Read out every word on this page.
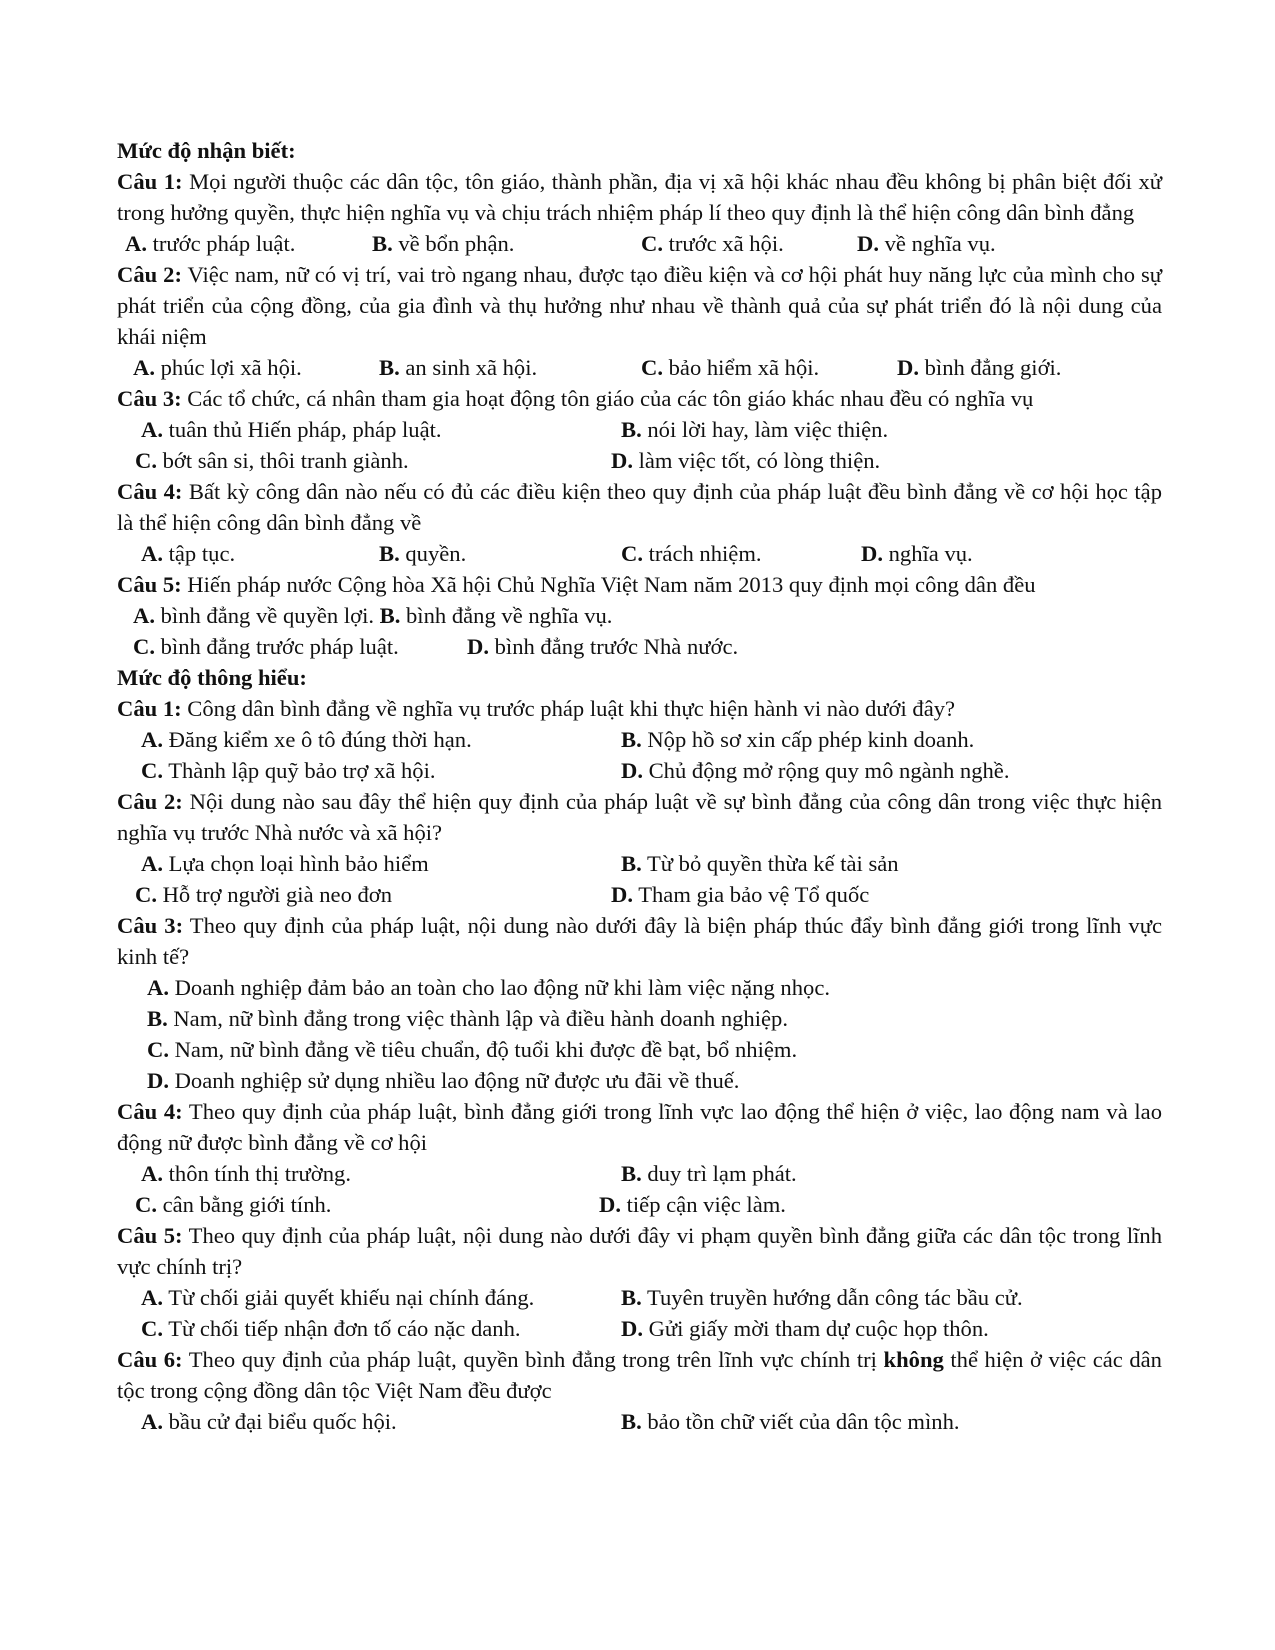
Mức độ nhận biết:
Câu 1: Mọi người thuộc các dân tộc, tôn giáo, thành phần, địa vị xã hội khác nhau đều không bị phân biệt đối xử trong hưởng quyền, thực hiện nghĩa vụ và chịu trách nhiệm pháp lí theo quy định là thể hiện công dân bình đẳng
A. trước pháp luật.	B. về bổn phận.	C. trước xã hội.	D. về nghĩa vụ.
Câu 2: Việc nam, nữ có vị trí, vai trò ngang nhau, được tạo điều kiện và cơ hội phát huy năng lực của mình cho sự phát triển của cộng đồng, của gia đình và thụ hưởng như nhau về thành quả của sự phát triển đó là nội dung của khái niệm
A. phúc lợi xã hội.	B. an sinh xã hội.	C. bảo hiểm xã hội.	D. bình đẳng giới.
Câu 3: Các tổ chức, cá nhân tham gia hoạt động tôn giáo của các tôn giáo khác nhau đều có nghĩa vụ
A. tuân thủ Hiến pháp, pháp luật.	B. nói lời hay, làm việc thiện.
C. bớt sân si, thôi tranh giành.	D. làm việc tốt, có lòng thiện.
Câu 4: Bất kỳ công dân nào nếu có đủ các điều kiện theo quy định của pháp luật đều bình đẳng về cơ hội học tập là thể hiện công dân bình đẳng về
A. tập tục.	B. quyền.	C. trách nhiệm.	D. nghĩa vụ.
Câu 5: Hiến pháp nước Cộng hòa Xã hội Chủ Nghĩa Việt Nam năm 2013 quy định mọi công dân đều
A. bình đẳng về quyền lợi. B. bình đẳng về nghĩa vụ.
C. bình đẳng trước pháp luật.	D. bình đẳng trước Nhà nước.
Mức độ thông hiểu:
Câu 1: Công dân bình đẳng về nghĩa vụ trước pháp luật khi thực hiện hành vi nào dưới đây?
A. Đăng kiểm xe ô tô đúng thời hạn.	B. Nộp hồ sơ xin cấp phép kinh doanh.
C. Thành lập quỹ bảo trợ xã hội.	D. Chủ động mở rộng quy mô ngành nghề.
Câu 2: Nội dung nào sau đây thể hiện quy định của pháp luật về sự bình đẳng của công dân trong việc thực hiện nghĩa vụ trước Nhà nước và xã hội?
A. Lựa chọn loại hình bảo hiểm	B. Từ bỏ quyền thừa kế tài sản
C. Hỗ trợ người già neo đơn	D. Tham gia bảo vệ Tổ quốc
Câu 3: Theo quy định của pháp luật, nội dung nào dưới đây là biện pháp thúc đẩy bình đẳng giới trong lĩnh vực kinh tế?
A. Doanh nghiệp đảm bảo an toàn cho lao động nữ khi làm việc nặng nhọc.
B. Nam, nữ bình đẳng trong việc thành lập và điều hành doanh nghiệp.
C. Nam, nữ bình đẳng về tiêu chuẩn, độ tuổi khi được đề bạt, bổ nhiệm.
D. Doanh nghiệp sử dụng nhiều lao động nữ được ưu đãi về thuế.
Câu 4: Theo quy định của pháp luật, bình đẳng giới trong lĩnh vực lao động thể hiện ở việc, lao động nam và lao động nữ được bình đẳng về cơ hội
A. thôn tính thị trường.	B. duy trì lạm phát.
C. cân bằng giới tính.	D. tiếp cận việc làm.
Câu 5: Theo quy định của pháp luật, nội dung nào dưới đây vi phạm quyền bình đẳng giữa các dân tộc trong lĩnh vực chính trị?
A. Từ chối giải quyết khiếu nại chính đáng.	B. Tuyên truyền hướng dẫn công tác bầu cử.
C. Từ chối tiếp nhận đơn tố cáo nặc danh.	D. Gửi giấy mời tham dự cuộc họp thôn.
Câu 6: Theo quy định của pháp luật, quyền bình đẳng trong trên lĩnh vực chính trị không thể hiện ở việc các dân tộc trong cộng đồng dân tộc Việt Nam đều được
A. bầu cử đại biểu quốc hội.	B. bảo tồn chữ viết của dân tộc mình.
